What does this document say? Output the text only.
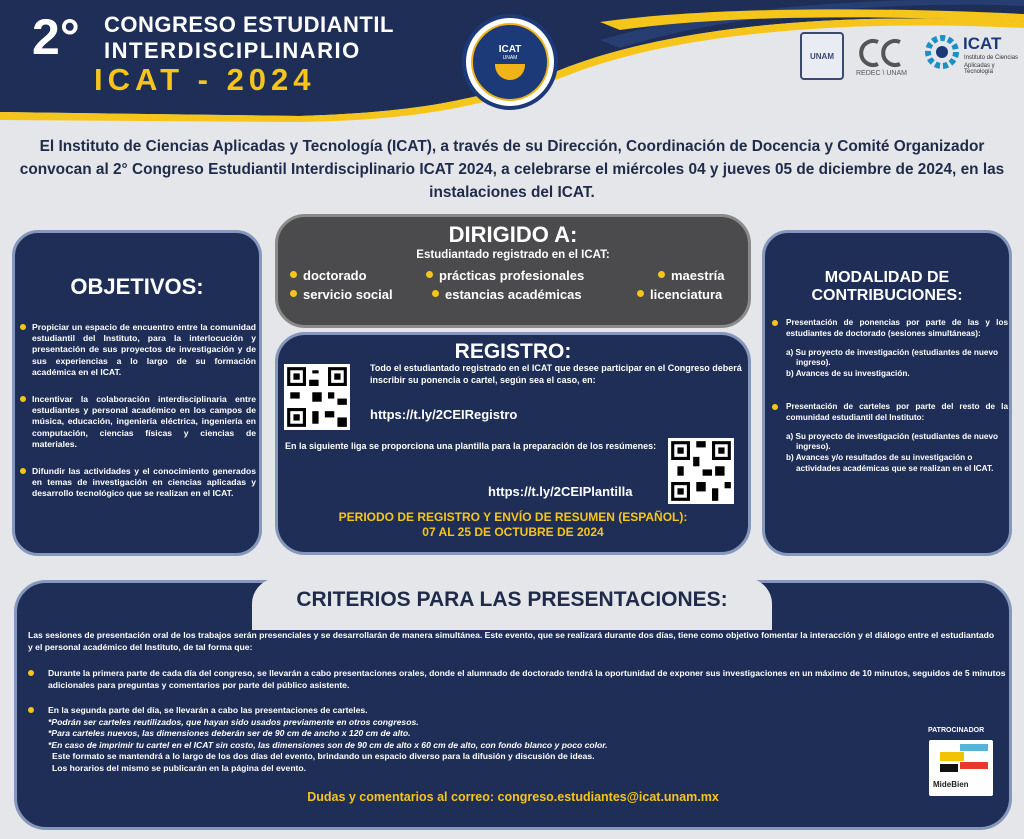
2° CONGRESO ESTUDIANTIL
INTERDISCIPLINARIO
ICAT - 2024
ICAT
UNAM	UNAM
REDEC \ UNAM
ICAT
Instituto de Ciencias
Aplicadas y Tecnología
El Instituto de Ciencias Aplicadas y Tecnología (ICAT), a través de su Dirección, Coordinación de Docencia y Comité Organizador convocan al 2° Congreso Estudiantil Interdisciplinario ICAT 2024, a celebrarse el miércoles 04 y jueves 05 de diciembre de 2024, en las instalaciones del ICAT.
DIRIGIDO A:
Estudiantado registrado en el ICAT:
doctorado	prácticas profesionales	maestría
servicio social	estancias académicas	licenciatura
OBJETIVOS:
Propiciar un espacio de encuentro entre la comunidad estudiantil del Instituto, para la interlocución y presentación de sus proyectos de investigación y de sus experiencias a lo largo de su formación académica en el ICAT.
Incentivar la colaboración interdisciplinaria entre estudiantes y personal académico en los campos de música, educación, ingeniería eléctrica, ingeniería en computación, ciencias físicas y ciencias de materiales.
Difundir las actividades y el conocimiento generados en temas de investigación en ciencias aplicadas y desarrollo tecnológico que se realizan en el ICAT.
MODALIDAD DE
CONTRIBUCIONES:
Presentación de ponencias por parte de las y los estudiantes de doctorado (sesiones simultáneas):
a) Su proyecto de investigación (estudiantes de nuevo ingreso).
b) Avances de su investigación.
Presentación de carteles por parte del resto de la comunidad estudiantil del Instituto:
a) Su proyecto de investigación (estudiantes de nuevo ingreso).
b) Avances y/o resultados de su investigación o actividades académicas que se realizan en el ICAT.
REGISTRO:
Todo el estudiantado registrado en el ICAT que desee participar en el Congreso deberá inscribir su ponencia o cartel, según sea el caso, en:
https://t.ly/2CEIRegistro
En la siguiente liga se proporciona una plantilla para la preparación de los resúmenes:
https://t.ly/2CEIPlantilla
PERIODO DE REGISTRO Y ENVÍO DE RESUMEN (ESPAÑOL):
07 AL 25 DE OCTUBRE DE 2024
CRITERIOS PARA LAS PRESENTACIONES:
Las sesiones de presentación oral de los trabajos serán presenciales y se desarrollarán de manera simultánea. Este evento, que se realizará durante dos días, tiene como objetivo fomentar la interacción y el diálogo entre el estudiantado y el personal académico del Instituto, de tal forma que:
Durante la primera parte de cada día del congreso, se llevarán a cabo presentaciones orales, donde el alumnado de doctorado tendrá la oportunidad de exponer sus investigaciones en un máximo de 10 minutos, seguidos de 5 minutos adicionales para preguntas y comentarios por parte del público asistente.
En la segunda parte del día, se llevarán a cabo las presentaciones de carteles.
*Podrán ser carteles reutilizados, que hayan sido usados previamente en otros congresos.
*Para carteles nuevos, las dimensiones deberán ser de 90 cm de ancho x 120 cm de alto.
*En caso de imprimir tu cartel en el ICAT sin costo, las dimensiones son de 90 cm de alto x 60 cm de alto, con fondo blanco y poco color.
Este formato se mantendrá a lo largo de los dos días del evento, brindando un espacio diverso para la difusión y discusión de ideas.
Los horarios del mismo se publicarán en la página del evento.
Dudas y comentarios al correo: congreso.estudiantes@icat.unam.mx
PATROCINADOR
MideBien
